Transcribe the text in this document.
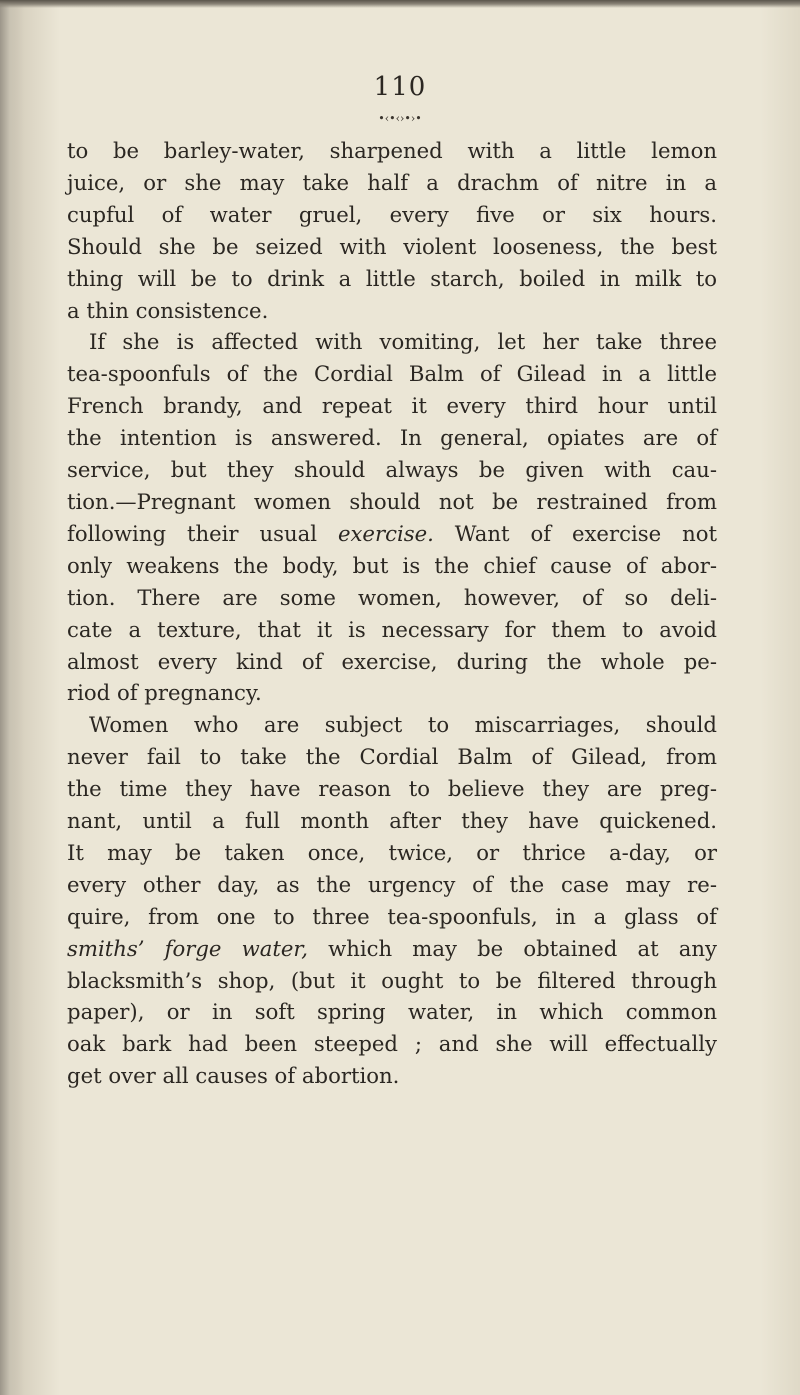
110
•‹•‹›•›•
to be barley-water, sharpened with a little lemon
juice, or she may take half a drachm of nitre in a
cupful of water gruel, every five or six hours.
Should she be seized with violent looseness, the best
thing will be to drink a little starch, boiled in milk to
a thin consistence.
If she is affected with vomiting, let her take three
tea-spoonfuls of the Cordial Balm of Gilead in a little
French brandy, and repeat it every third hour until
the intention is answered. In general, opiates are of
service, but they should always be given with cau-
tion.—Pregnant women should not be restrained from
following their usual exercise. Want of exercise not
only weakens the body, but is the chief cause of abor-
tion. There are some women, however, of so deli-
cate a texture, that it is necessary for them to avoid
almost every kind of exercise, during the whole pe-
riod of pregnancy.
Women who are subject to miscarriages, should
never fail to take the Cordial Balm of Gilead, from
the time they have reason to believe they are preg-
nant, until a full month after they have quickened.
It may be taken once, twice, or thrice a-day, or
every other day, as the urgency of the case may re-
quire, from one to three tea-spoonfuls, in a glass of
smiths’ forge water, which may be obtained at any
blacksmith’s shop, (but it ought to be filtered through
paper), or in soft spring water, in which common
oak bark had been steeped ; and she will effectually
get over all causes of abortion.
